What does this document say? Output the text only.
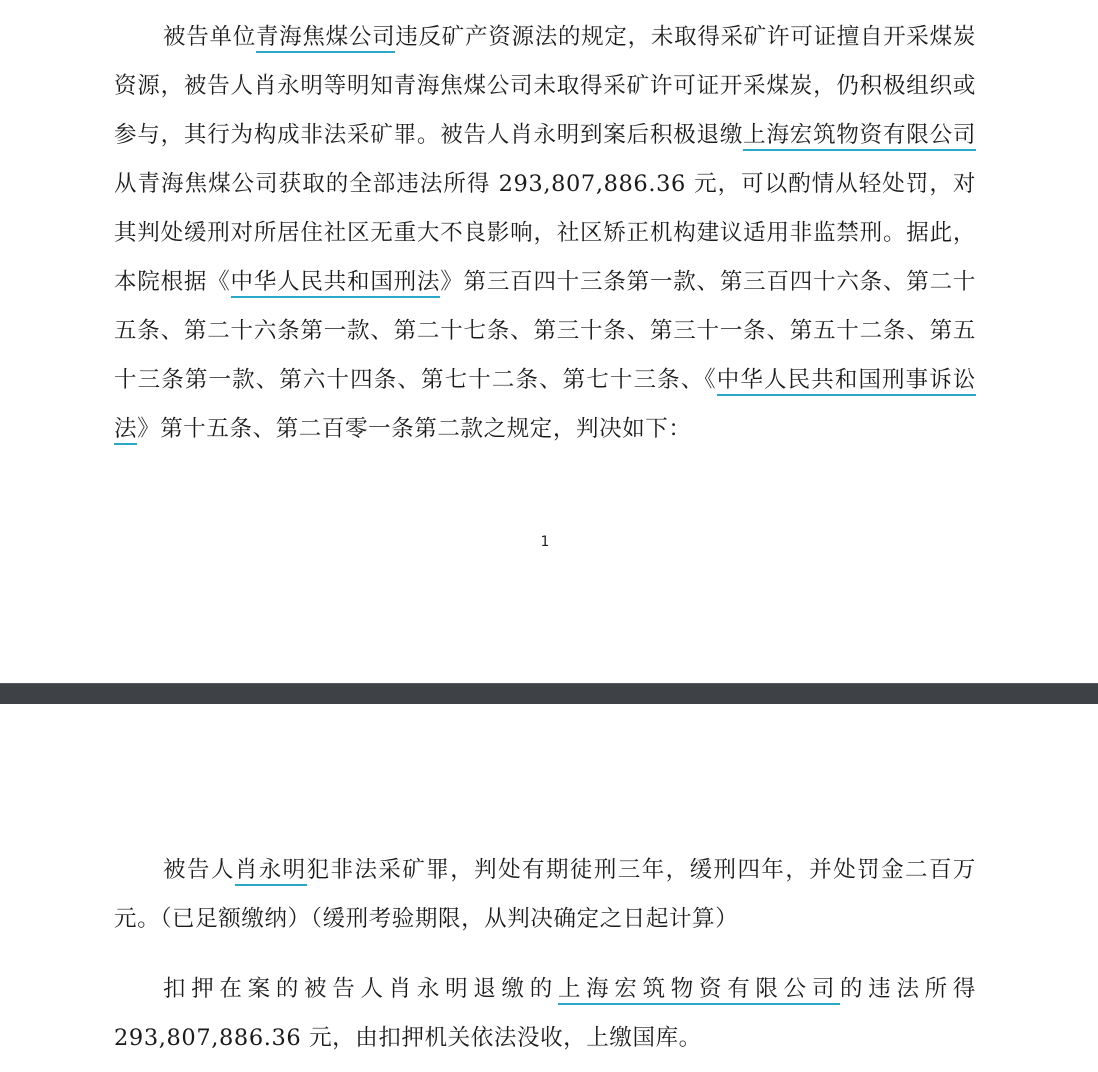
被告单位青海焦煤公司违反矿产资源法的规定，未取得采矿许可证擅自开采煤炭资源，被告人肖永明等明知青海焦煤公司未取得采矿许可证开采煤炭，仍积极组织或参与，其行为构成非法采矿罪。被告人肖永明到案后积极退缴上海宏筑物资有限公司从青海焦煤公司获取的全部违法所得 293,807,886.36 元，可以酌情从轻处罚，对其判处缓刑对所居住社区无重大不良影响，社区矫正机构建议适用非监禁刑。据此，本院根据《中华人民共和国刑法》第三百四十三条第一款、第三百四十六条、第二十五条、第二十六条第一款、第二十七条、第三十条、第三十一条、第五十二条、第五十三条第一款、第六十四条、第七十二条、第七十三条、《中华人民共和国刑事诉讼法》第十五条、第二百零一条第二款之规定，判决如下：

1

被告人肖永明犯非法采矿罪，判处有期徒刑三年，缓刑四年，并处罚金二百万元。（已足额缴纳）（缓刑考验期限，从判决确定之日起计算）

扣押在案的被告人肖永明退缴的上海宏筑物资有限公司的违法所得 293,807,886.36 元，由扣押机关依法没收，上缴国库。
